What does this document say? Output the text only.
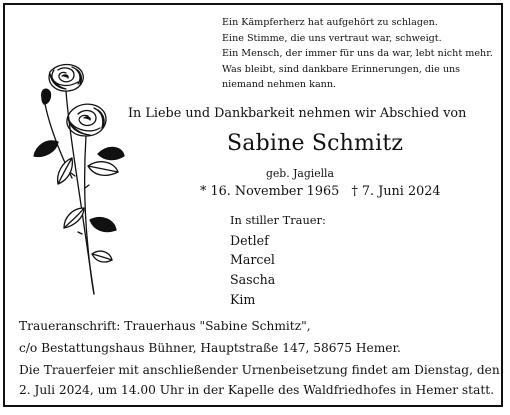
Ein Kämpferherz hat aufgehört zu schlagen.
Eine Stimme, die uns vertraut war, schweigt.
Ein Mensch, der immer für uns da war, lebt nicht mehr.
Was bleibt, sind dankbare Erinnerungen, die uns
niemand nehmen kann.

In Liebe und Dankbarkeit nehmen wir Abschied von

Sabine Schmitz

geb. Jagiella

* 16. November 1965   † 7. Juni 2024

In stiller Trauer:
Detlef
Marcel
Sascha
Kim
Traueranschrift: Trauerhaus "Sabine Schmitz",
c/o Bestattungshaus Bühner, Hauptstraße 147, 58675 Hemer.
Die Trauerfeier mit anschließender Urnenbeisetzung findet am Dienstag, den
2. Juli 2024, um 14.00 Uhr in der Kapelle des Waldfriedhofes in Hemer statt.
